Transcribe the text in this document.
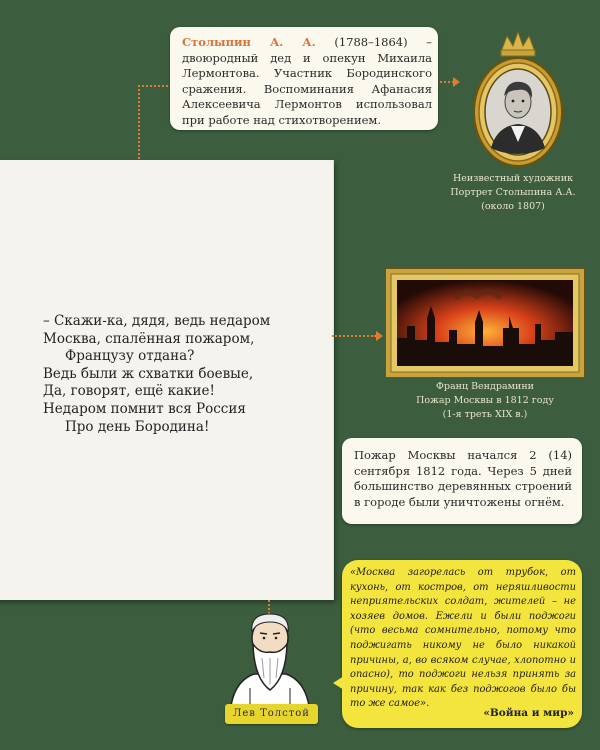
Столыпин А. А. (1788–1864) – двоюродный дед и опекун Михаила Лермонтова. Участник Бородинского сражения. Воспоминания Афанасия Алексеевича Лермонтов использовал при работе над стихотворением.
Неизвестный художник
Портрет Столыпина А.А.
(около 1807)
– Скажи-ка, дядя, ведь недаром
Москва, спалённая пожаром,
Французу отдана?
Ведь были ж схватки боевые,
Да, говорят, ещё какие!
Недаром помнит вся Россия
Про день Бородина!
Франц Вендрамини
Пожар Москвы в 1812 году
(1-я треть XIX в.)
Пожар Москвы начался 2 (14) сентября 1812 года. Через 5 дней большинство деревянных строений в городе были уничтожены огнём.
Лев Толстой
«Москва загорелась от трубок, от кухонь, от костров, от неряшливости неприятельских солдат, жителей – не хозяев домов. Ежели и были поджоги (что весьма сомнительно, потому что поджигать никому не было никакой причины, а, во всяком случае, хлопотно и опасно), то поджоги нельзя принять за причину, так как без поджогов было бы то же самое».
«Война и мир»
